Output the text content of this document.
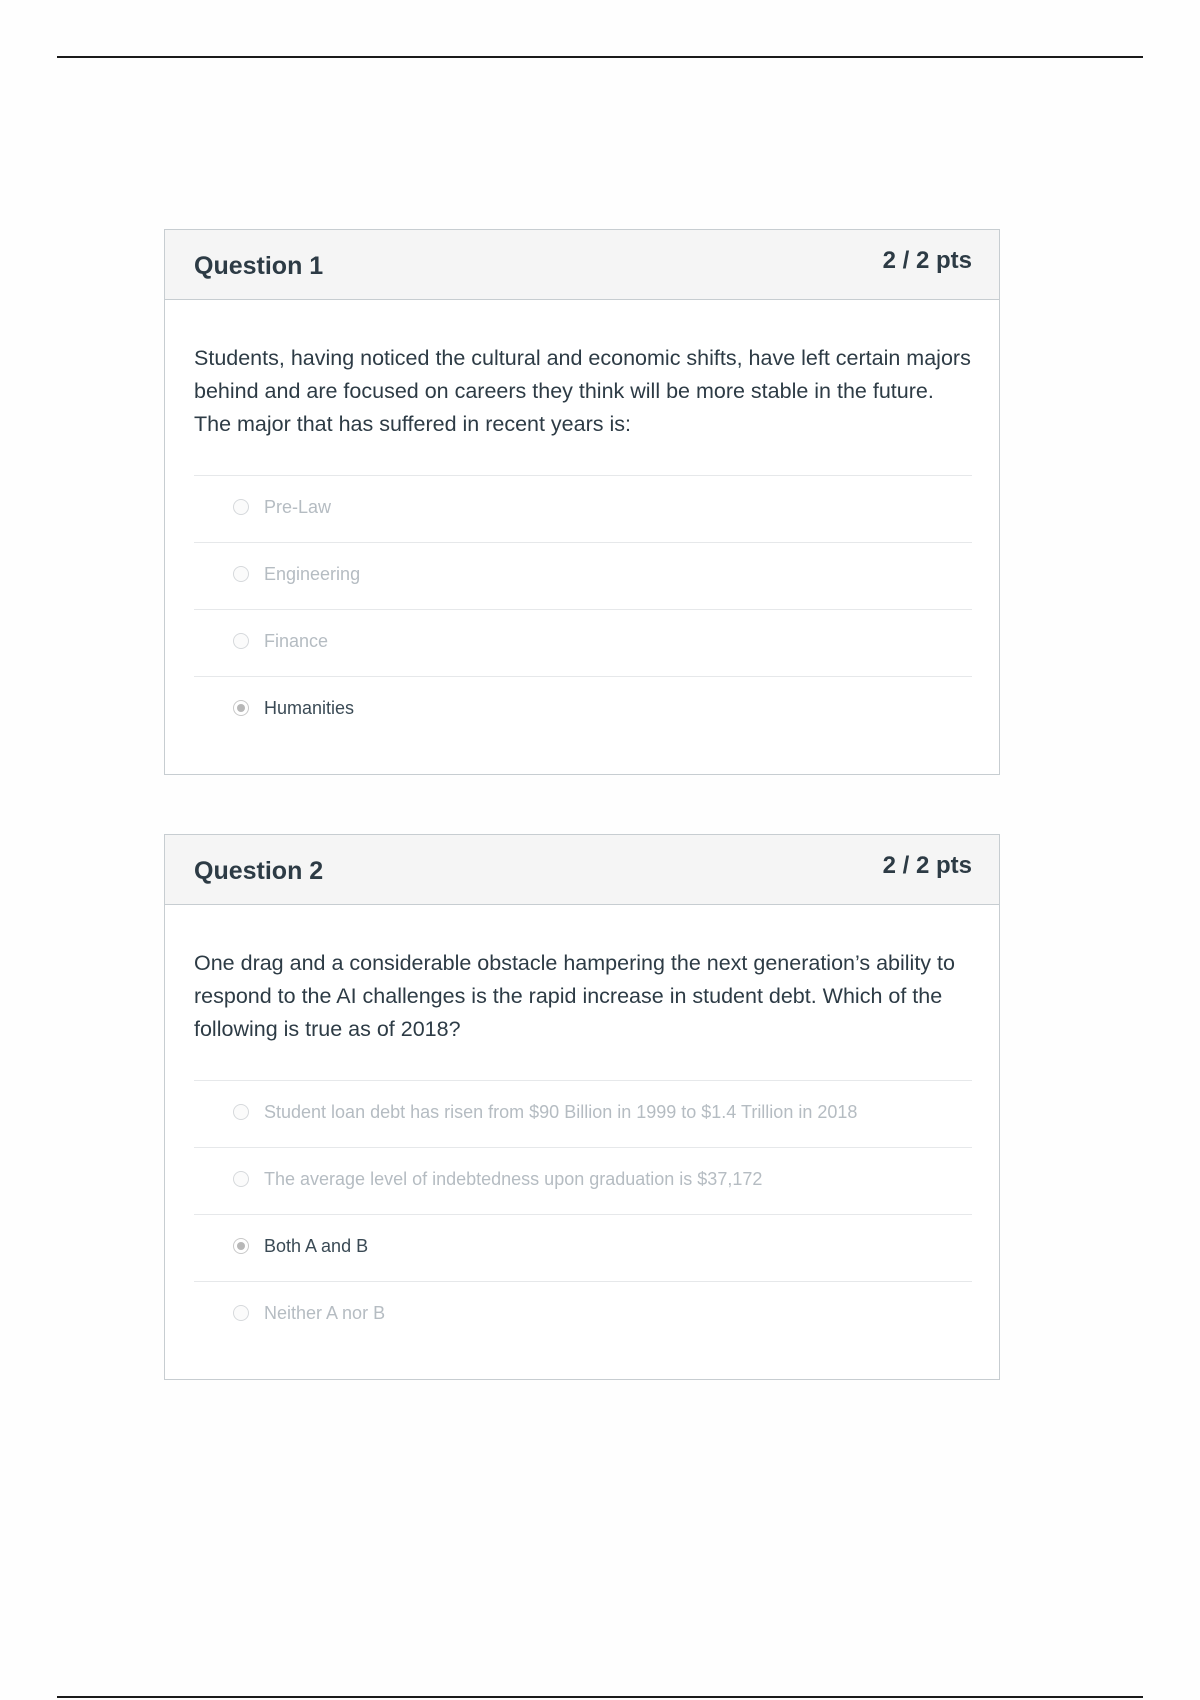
Question 1	2 / 2 pts

Students, having noticed the cultural and economic shifts, have left certain majors behind and are focused on careers they think will be more stable in the future. The major that has suffered in recent years is:

Pre-Law
Engineering
Finance
Humanities
Question 2	2 / 2 pts

One drag and a considerable obstacle hampering the next generation’s ability to respond to the AI challenges is the rapid increase in student debt. Which of the following is true as of 2018?

Student loan debt has risen from $90 Billion in 1999 to $1.4 Trillion in 2018
The average level of indebtedness upon graduation is $37,172
Both A and B
Neither A nor B
